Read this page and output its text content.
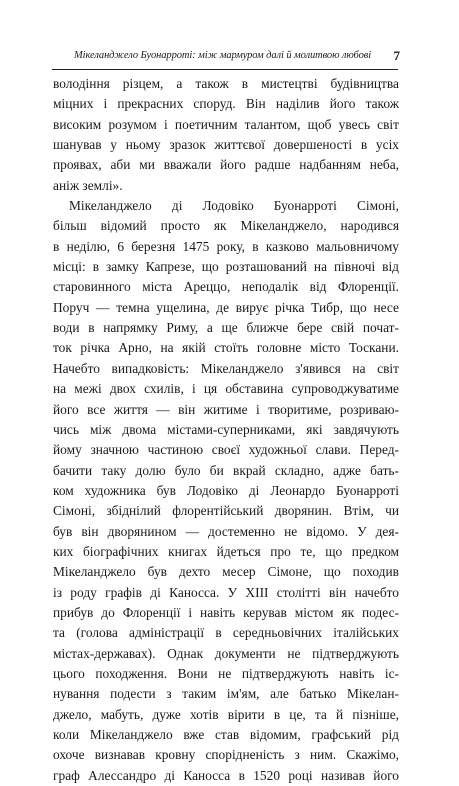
Мікеланджело Буонарроті: між мармуром далі й молитвою любові 7
володіння різцем, а також в мистецтві будівництва
міцних і прекрасних споруд. Він наділив його також
високим розумом і поетичним талантом, щоб увесь світ
шанував у ньому зразок життєвої довершеності в усіх
проявах, аби ми вважали його радше надбанням неба,
аніж землі».
Мікеланджело ді Лодовіко Буонарроті Сімоні,
більш відомий просто як Мікеланджело, народився
в неділю, 6 березня 1475 року, в казково мальовничому
місці: в замку Капрезе, що розташований на півночі від
старовинного міста Ареццо, неподалік від Флоренції.
Поруч — темна ущелина, де вирує річка Тибр, що несе
води в напрямку Риму, а ще ближче бере свій почат-
ток річка Арно, на якій стоїть головне місто Тоскани.
Начебто випадковість: Мікеланджело з'явився на світ
на межі двох схилів, і ця обставина супроводжуватиме
його все життя — він житиме і творитиме, розриваю-
чись між двома містами-суперниками, які завдячують
йому значною частиною своєї художньої слави. Перед-
бачити таку долю було би вкрай складно, адже бать-
ком художника був Лодовіко ді Леонардо Буонарроті
Сімоні, збіднілий флорентійський дворянин. Втім, чи
був він дворянином — достеменно не відомо. У дея-
ких біографічних книгах йдеться про те, що предком
Мікеланджело був дехто месер Сімоне, що походив
із роду графів ді Каносса. У XIII столітті він начебто
прибув до Флоренції і навіть керував містом як подес-
та (голова адміністрації в середньовічних італійських
містах-державах). Однак документи не підтверджують
цього походження. Вони не підтверджують навіть іс-
нування подести з таким ім'ям, але батько Мікелан-
джело, мабуть, дуже хотів вірити в це, та й пізніше,
коли Мікеланджело вже став відомим, графський рід
охоче визнавав кровну спорідненість з ним. Скажімо,
граф Алессандро ді Каносса в 1520 році називав його
